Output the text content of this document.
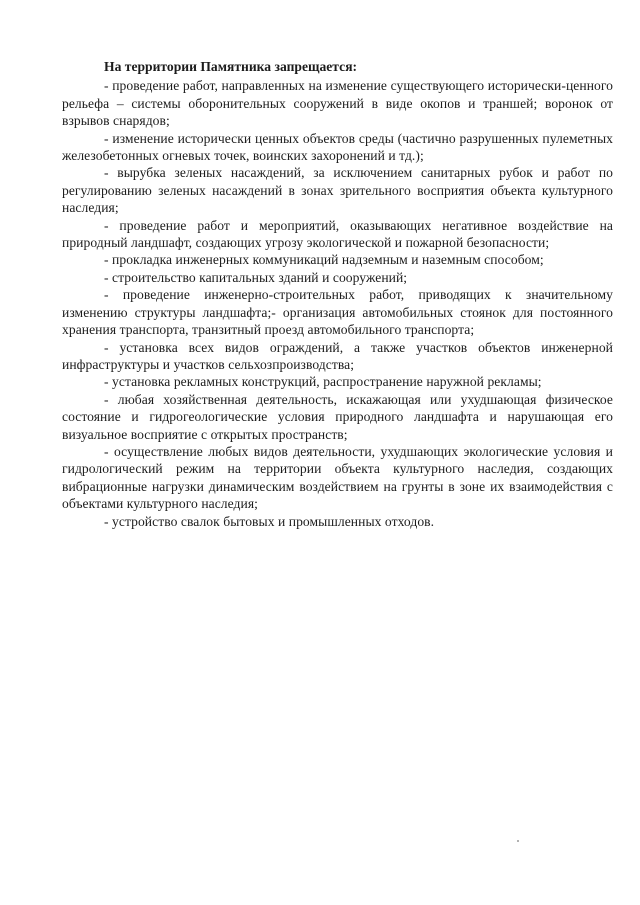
На территории Памятника запрещается:

- проведение работ, направленных на изменение существующего исторически-ценного рельефа – системы оборонительных сооружений в виде окопов и траншей; воронок от взрывов снарядов;

- изменение исторически ценных объектов среды (частично разрушенных пулеметных железобетонных огневых точек, воинских захоронений и тд.);

- вырубка зеленых насаждений, за исключением санитарных рубок и работ по регулированию зеленых насаждений в зонах зрительного восприятия объекта культурного наследия;

- проведение работ и мероприятий, оказывающих негативное воздействие на природный ландшафт, создающих угрозу экологической и пожарной безопасности;

- прокладка инженерных коммуникаций надземным и наземным способом;

- строительство капитальных зданий и сооружений;

- проведение инженерно-строительных работ, приводящих к значительному изменению структуры ландшафта;- организация автомобильных стоянок для постоянного хранения транспорта, транзитный проезд автомобильного транспорта;

- установка всех видов ограждений, а также участков объектов инженерной инфраструктуры и участков сельхозпроизводства;

- установка рекламных конструкций, распространение наружной рекламы;

- любая хозяйственная деятельность, искажающая или ухудшающая физическое состояние и гидрогеологические условия природного ландшафта и нарушающая его визуальное восприятие с открытых пространств;

- осуществление любых видов деятельности, ухудшающих экологические условия и гидрологический режим на территории объекта культурного наследия, создающих вибрационные нагрузки динамическим воздействием на грунты в зоне их взаимодействия с объектами культурного наследия;

- устройство свалок бытовых и промышленных отходов.
